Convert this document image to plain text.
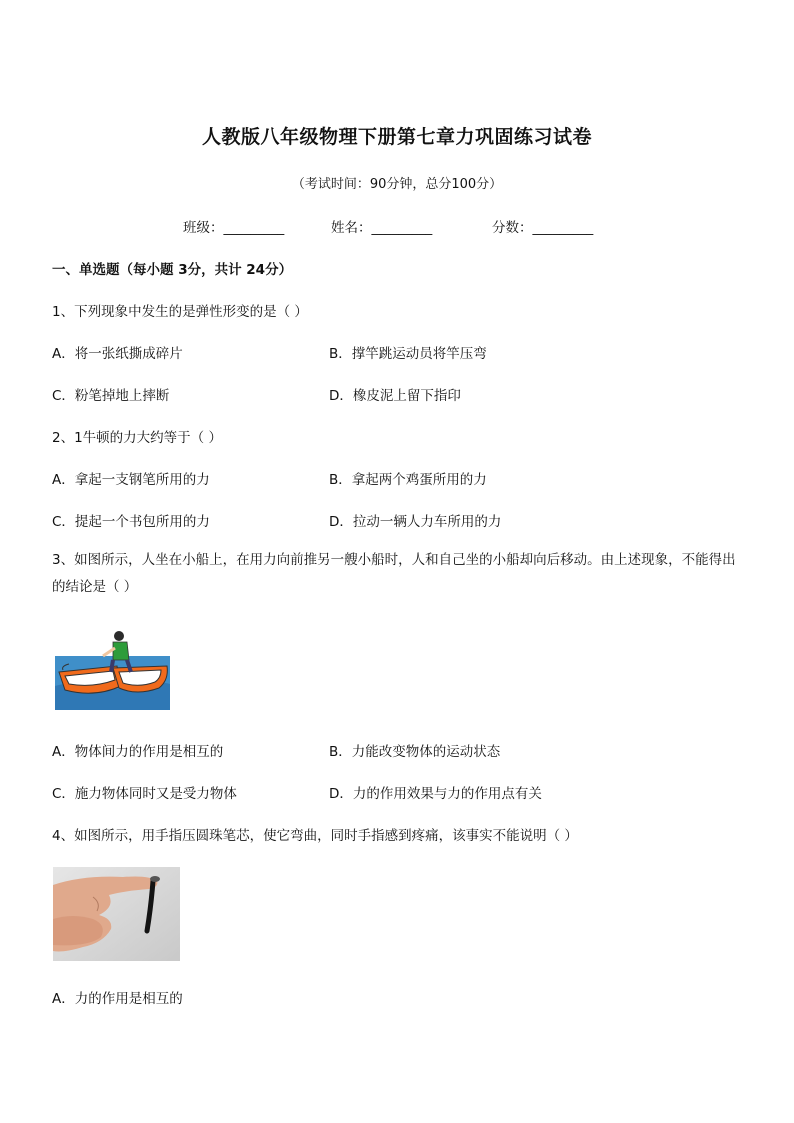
人教版八年级物理下册第七章力巩固练习试卷
（考试时间：90分钟，总分100分）
班级：_________	姓名：_________	分数：_________
一、单选题（每小题 3分，共计 24分）
1、下列现象中发生的是弹性形变的是（ ）
A．将一张纸撕成碎片	B．撑竿跳运动员将竿压弯
C．粉笔掉地上摔断	D．橡皮泥上留下指印
2、1牛顿的力大约等于（ ）
A．拿起一支钢笔所用的力	B．拿起两个鸡蛋所用的力
C．提起一个书包所用的力	D．拉动一辆人力车所用的力
3、如图所示，人坐在小船上，在用力向前推另一艘小船时，人和自己坐的小船却向后移动。由上述现象，不能得出的结论是（ ）
A．物体间力的作用是相互的	B．力能改变物体的运动状态
C．施力物体同时又是受力物体	D．力的作用效果与力的作用点有关
4、如图所示，用手指压圆珠笔芯，使它弯曲，同时手指感到疼痛，该事实不能说明（ ）
A．力的作用是相互的
